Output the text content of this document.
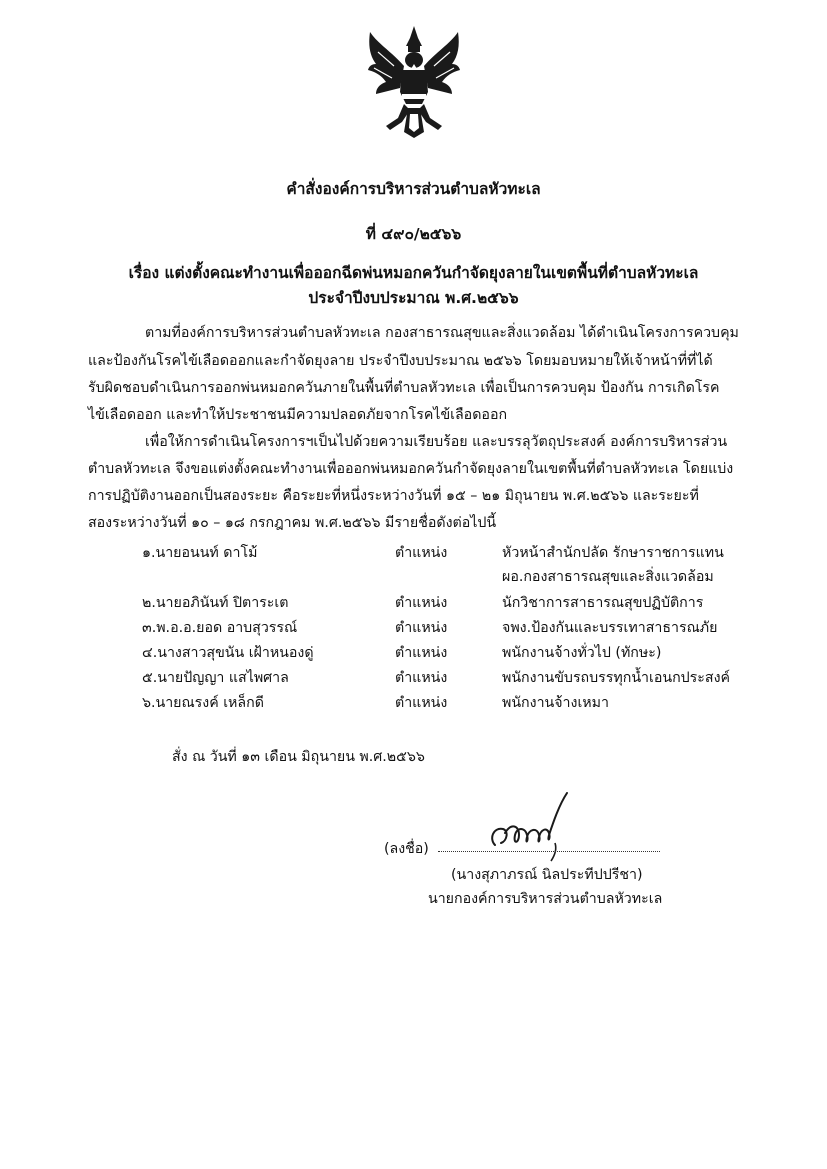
คำสั่งองค์การบริหารส่วนตำบลหัวทะเล
ที่ ๔๙๐/๒๕๖๖
เรื่อง แต่งตั้งคณะทำงานเพื่อออกฉีดพ่นหมอกควันกำจัดยุงลายในเขตพื้นที่ตำบลหัวทะเล
ประจำปีงบประมาณ พ.ศ.๒๕๖๖
ตามที่องค์การบริหารส่วนตำบลหัวทะเล กองสาธารณสุขและสิ่งแวดล้อม ได้ดำเนินโครงการควบคุม
และป้องกันโรคไข้เลือดออกและกำจัดยุงลาย ประจำปีงบประมาณ ๒๕๖๖ โดยมอบหมายให้เจ้าหน้าที่ที่ได้
รับผิดชอบดำเนินการออกพ่นหมอกควันภายในพื้นที่ตำบลหัวทะเล เพื่อเป็นการควบคุม ป้องกัน การเกิดโรค
ไข้เลือดออก และทำให้ประชาชนมีความปลอดภัยจากโรคไข้เลือดออก
เพื่อให้การดำเนินโครงการฯเป็นไปด้วยความเรียบร้อย และบรรลุวัตถุประสงค์ องค์การบริหารส่วน
ตำบลหัวทะเล จึงขอแต่งตั้งคณะทำงานเพื่อออกพ่นหมอกควันกำจัดยุงลายในเขตพื้นที่ตำบลหัวทะเล โดยแบ่ง
การปฏิบัติงานออกเป็นสองระยะ คือระยะที่หนึ่งระหว่างวันที่ ๑๕ – ๒๑ มิถุนายน พ.ศ.๒๕๖๖ และระยะที่
สองระหว่างวันที่ ๑๐ – ๑๘ กรกฎาคม พ.ศ.๒๕๖๖ มีรายชื่อดังต่อไปนี้
๑.นายอนนท์ ดาโม้	ตำแหน่ง	หัวหน้าสำนักปลัด รักษาราชการแทน
ผอ.กองสาธารณสุขและสิ่งแวดล้อม
๒.นายอภินันท์ ปิตาระเต	ตำแหน่ง	นักวิชาการสาธารณสุขปฏิบัติการ
๓.พ.อ.อ.ยอด อาบสุวรรณ์	ตำแหน่ง	จพง.ป้องกันและบรรเทาสาธารณภัย
๔.นางสาวสุขนัน เฝ้าหนองดู่	ตำแหน่ง	พนักงานจ้างทั่วไป (ทักษะ)
๕.นายปัญญา แสไพศาล	ตำแหน่ง	พนักงานขับรถบรรทุกน้ำเอนกประสงค์
๖.นายณรงค์ เหล็กดี	ตำแหน่ง	พนักงานจ้างเหมา
สั่ง ณ วันที่ ๑๓ เดือน มิถุนายน พ.ศ.๒๕๖๖
(ลงชื่อ)
(นางสุภาภรณ์ นิลประทีปปรีชา)
นายกองค์การบริหารส่วนตำบลหัวทะเล
